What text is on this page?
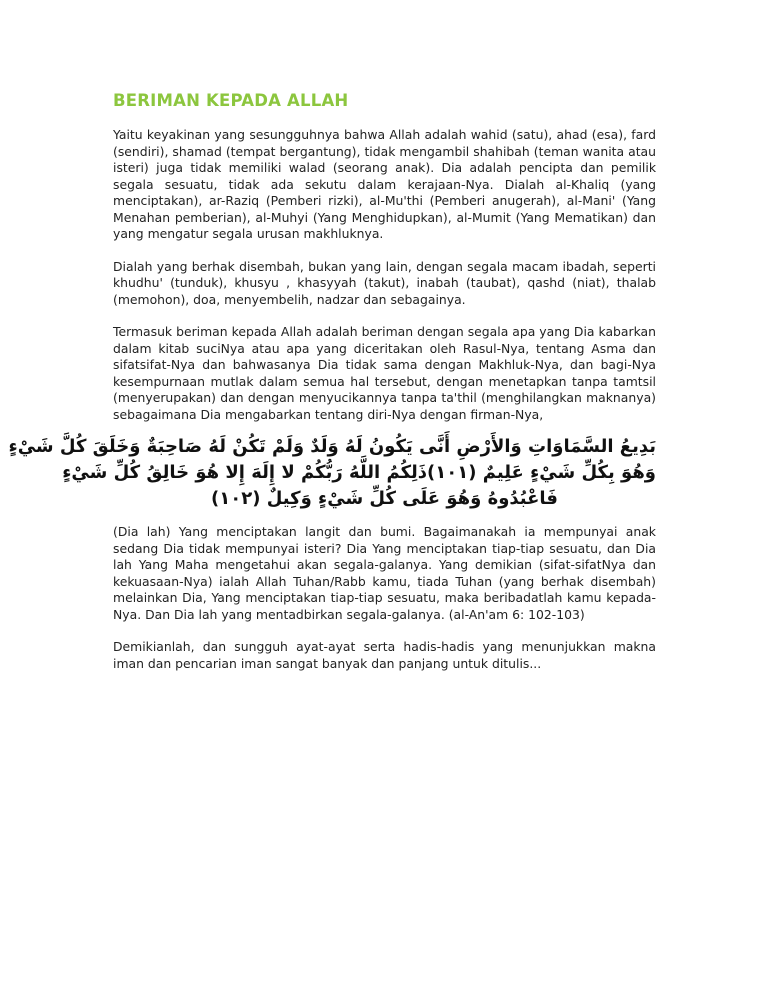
BERIMAN KEPADA ALLAH

Yaitu keyakinan yang sesungguhnya bahwa Allah adalah wahid (satu), ahad (esa), fard (sendiri), shamad (tempat bergantung), tidak mengambil shahibah (teman wanita atau isteri) juga tidak memiliki walad (seorang anak). Dia adalah pencipta dan pemilik segala sesuatu, tidak ada sekutu dalam kerajaan-Nya. Dialah al-Khaliq (yang menciptakan), ar-Raziq (Pemberi rizki), al-Mu'thi (Pemberi anugerah), al-Mani' (Yang Menahan pemberian), al-Muhyi (Yang Menghidupkan), al-Mumit (Yang Mematikan) dan yang mengatur segala urusan makhluknya.

Dialah yang berhak disembah, bukan yang lain, dengan segala macam ibadah, seperti khudhu' (tunduk), khusyu , khasyyah (takut), inabah (taubat), qashd (niat), thalab (memohon), doa, menyembelih, nadzar dan sebagainya.

Termasuk beriman kepada Allah adalah beriman dengan segala apa yang Dia kabarkan dalam kitab suciNya atau apa yang diceritakan oleh Rasul-Nya, tentang Asma dan sifatsifat-Nya dan bahwasanya Dia tidak sama dengan Makhluk-Nya, dan bagi-Nya kesempurnaan mutlak dalam semua hal tersebut, dengan menetapkan tanpa tamtsil (menyerupakan) dan dengan menyucikannya tanpa ta'thil (menghilangkan maknanya) sebagaimana Dia mengabarkan tentang diri-Nya dengan firman-Nya,

بَدِيعُ السَّمَاوَاتِ وَالأَرْضِ أَنَّى يَكُونُ لَهُ وَلَدٌ وَلَمْ تَكُنْ لَهُ صَاحِبَةٌ وَخَلَقَ كُلَّ شَيْءٍ
وَهُوَ بِكُلِّ شَيْءٍ عَلِيمٌ (١٠١)ذَلِكُمُ اللَّهُ رَبُّكُمْ لا إِلَهَ إِلا هُوَ خَالِقُ كُلِّ شَيْءٍ
فَاعْبُدُوهُ وَهُوَ عَلَى كُلِّ شَيْءٍ وَكِيلٌ (١٠٢)

(Dia lah) Yang menciptakan langit dan bumi. Bagaimanakah ia mempunyai anak sedang Dia tidak mempunyai isteri? Dia Yang menciptakan tiap-tiap sesuatu, dan Dia lah Yang Maha mengetahui akan segala-galanya. Yang demikian (sifat-sifatNya dan kekuasaan-Nya) ialah Allah Tuhan/Rabb kamu, tiada Tuhan (yang berhak disembah) melainkan Dia, Yang menciptakan tiap-tiap sesuatu, maka beribadatlah kamu kepada-Nya. Dan Dia lah yang mentadbirkan segala-galanya. (al-An'am 6: 102-103)

Demikianlah, dan sungguh ayat-ayat serta hadis-hadis yang menunjukkan makna iman dan pencarian iman sangat banyak dan panjang untuk ditulis...
